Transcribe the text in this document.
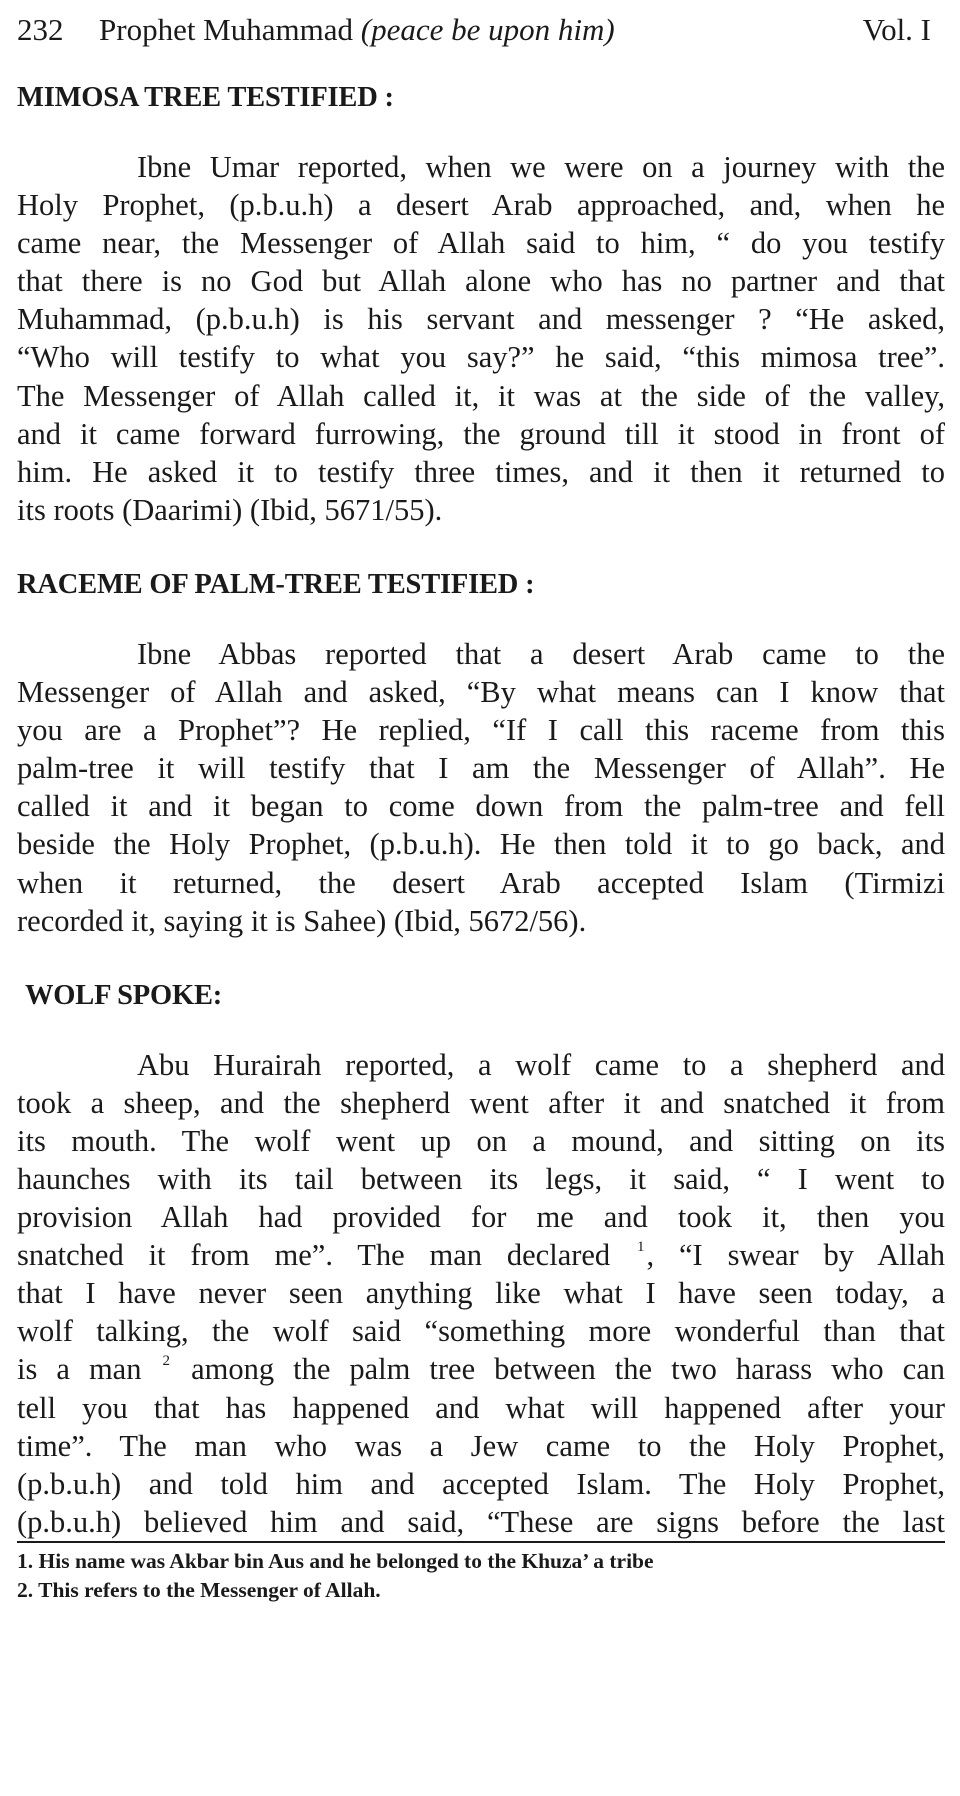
232	Prophet Muhammad (peace be upon him)	Vol. I
MIMOSA TREE TESTIFIED :
Ibne Umar reported, when we were on a journey with the
Holy Prophet, (p.b.u.h) a desert Arab approached, and, when he
came near, the Messenger of Allah said to him, “ do you testify
that there is no God but Allah alone who has no partner and that
Muhammad, (p.b.u.h) is his servant and messenger ? “He asked,
“Who will testify to what you say?” he said, “this mimosa tree”.
The Messenger of Allah called it, it was at the side of the valley,
and it came forward furrowing, the ground till it stood in front of
him. He asked it to testify three times, and it then it returned to
its roots (Daarimi) (Ibid, 5671/55).
RACEME OF PALM-TREE TESTIFIED :
Ibne Abbas reported that a desert Arab came to the
Messenger of Allah and asked, “By what means can I know that
you are a Prophet”? He replied, “If I call this raceme from this
palm-tree it will testify that I am the Messenger of Allah”. He
called it and it began to come down from the palm-tree and fell
beside the Holy Prophet, (p.b.u.h). He then told it to go back, and
when it returned, the desert Arab accepted Islam (Tirmizi
recorded it, saying it is Sahee) (Ibid, 5672/56).
WOLF SPOKE:
Abu Hurairah reported, a wolf came to a shepherd and
took a sheep, and the shepherd went after it and snatched it from
its mouth. The wolf went up on a mound, and sitting on its
haunches with its tail between its legs, it said, “ I went to
provision Allah had provided for me and took it, then you
snatched it from me”. The man declared $^1$, “I swear by Allah
that I have never seen anything like what I have seen today, a
wolf talking, the wolf said “something more wonderful than that
is a man $^2$ among the palm tree between the two harass who can
tell you that has happened and what will happened after your
time”. The man who was a Jew came to the Holy Prophet,
(p.b.u.h) and told him and accepted Islam. The Holy Prophet,
(p.b.u.h) believed him and said, “These are signs before the last
1. His name was Akbar bin Aus and he belonged to the Khuza’ a tribe
2. This refers to the Messenger of Allah.
